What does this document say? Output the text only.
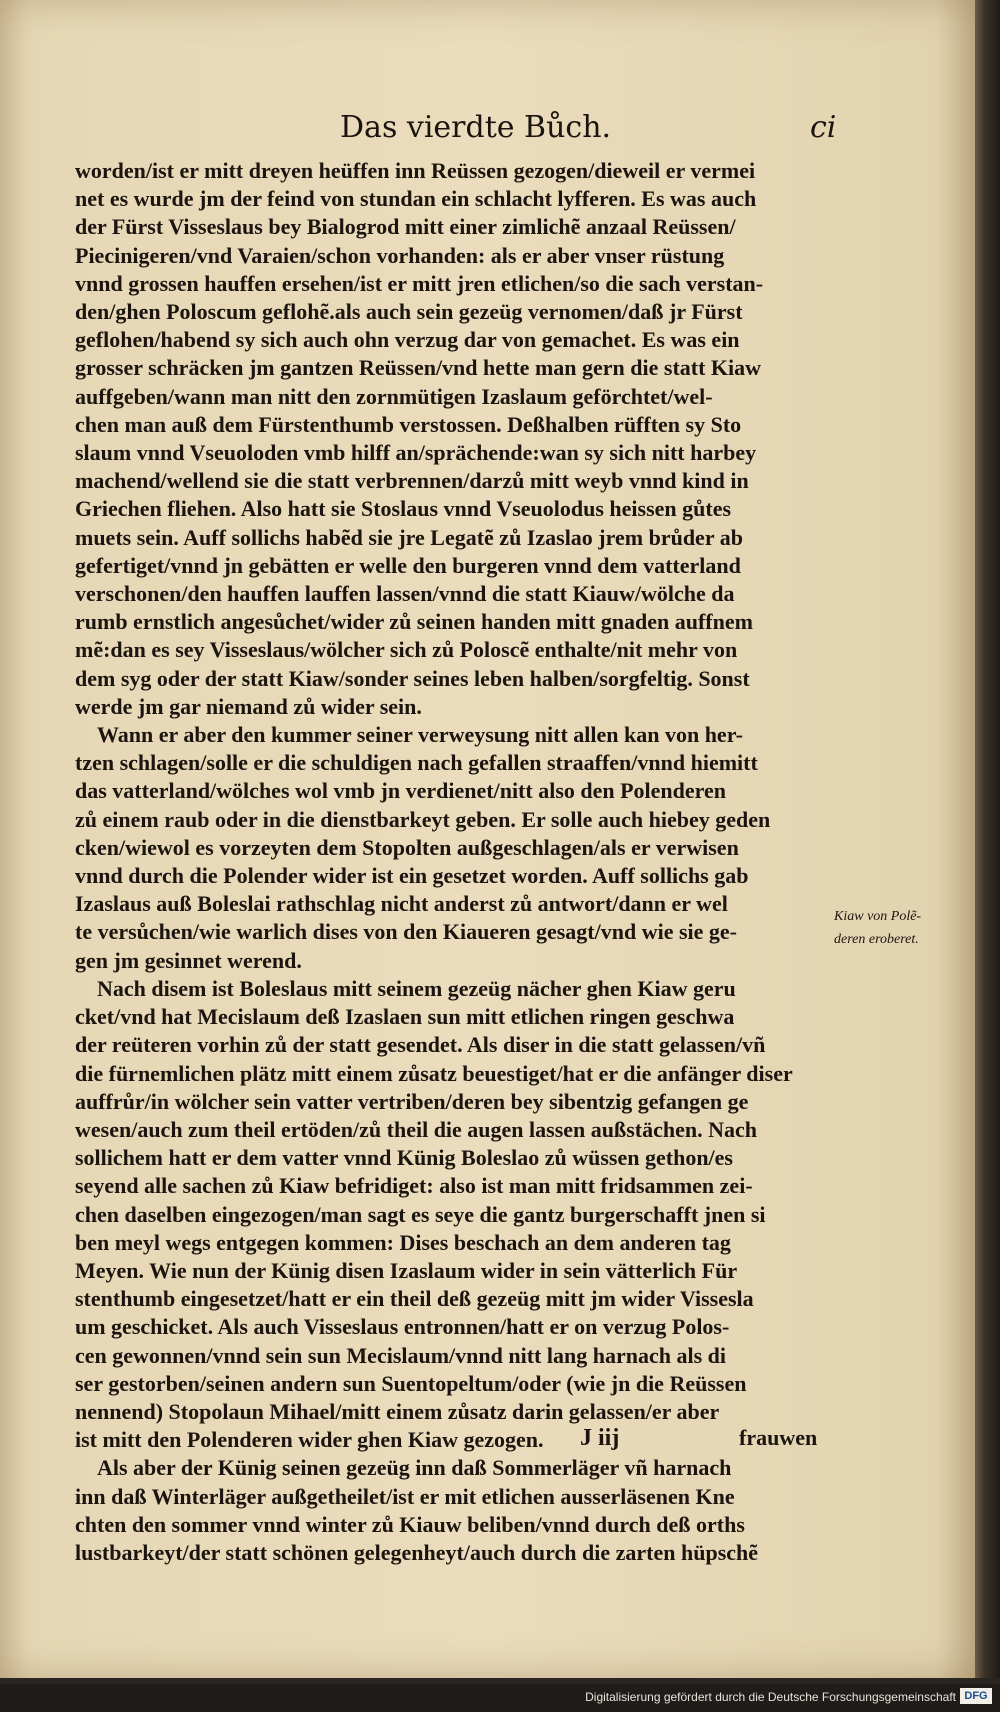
Das vierdte Bůch.	ci
worden/ist er mitt dreyen heüffen inn Reüssen gezogen/dieweil er vermei
net es wurde jm der feind von stundan ein schlacht lyfferen. Es was auch
der Fürst Visseslaus bey Bialogrod mitt einer zimlichẽ anzaal Reüssen/
Piecinigeren/vnd Varaien/schon vorhanden: als er aber vnser rüstung
vnnd grossen hauffen ersehen/ist er mitt jren etlichen/so die sach verstan-
den/ghen Poloscum geflohẽ.als auch sein gezeüg vernomen/daß jr Fürst
geflohen/habend sy sich auch ohn verzug dar von gemachet. Es was ein
grosser schräcken jm gantzen Reüssen/vnd hette man gern die statt Kiaw
auffgeben/wann man nitt den zornmütigen Izaslaum geförchtet/wel-
chen man auß dem Fürstenthumb verstossen. Deßhalben rüfften sy Sto
slaum vnnd Vseuoloden vmb hilff an/sprächende:wan sy sich nitt harbey
machend/wellend sie die statt verbrennen/darzů mitt weyb vnnd kind in
Griechen fliehen. Also hatt sie Stoslaus vnnd Vseuolodus heissen gůtes
muets sein. Auff sollichs habẽd sie jre Legatẽ zů Izaslao jrem brůder ab
gefertiget/vnnd jn gebätten er welle den burgeren vnnd dem vatterland
verschonen/den hauffen lauffen lassen/vnnd die statt Kiauw/wölche da
rumb ernstlich angesůchet/wider zů seinen handen mitt gnaden auffnem
mẽ:dan es sey Visseslaus/wölcher sich zů Poloscẽ enthalte/nit mehr von
dem syg oder der statt Kiaw/sonder seines leben halben/sorgfeltig. Sonst
werde jm gar niemand zů wider sein.
Wann er aber den kummer seiner verweysung nitt allen kan von her-
tzen schlagen/solle er die schuldigen nach gefallen straaffen/vnnd hiemitt
das vatterland/wölches wol vmb jn verdienet/nitt also den Polenderen
zů einem raub oder in die dienstbarkeyt geben. Er solle auch hiebey geden
cken/wiewol es vorzeyten dem Stopolten außgeschlagen/als er verwisen
vnnd durch die Polender wider ist ein gesetzet worden. Auff sollichs gab
Izaslaus auß Boleslai rathschlag nicht anderst zů antwort/dann er wel
te versůchen/wie warlich dises von den Kiaueren gesagt/vnd wie sie ge-
gen jm gesinnet werend.
Nach disem ist Boleslaus mitt seinem gezeüg nächer ghen Kiaw geru
cket/vnd hat Mecislaum deß Izaslaen sun mitt etlichen ringen geschwa
der reüteren vorhin zů der statt gesendet. Als diser in die statt gelassen/vñ
die fürnemlichen plätz mitt einem zůsatz beuestiget/hat er die anfänger diser
auffrůr/in wölcher sein vatter vertriben/deren bey sibentzig gefangen ge
wesen/auch zum theil ertöden/zů theil die augen lassen außstächen. Nach
sollichem hatt er dem vatter vnnd Künig Boleslao zů wüssen gethon/es
seyend alle sachen zů Kiaw befridiget: also ist man mitt fridsammen zei-
chen daselben eingezogen/man sagt es seye die gantz burgerschafft jnen si
ben meyl wegs entgegen kommen: Dises beschach an dem anderen tag
Meyen. Wie nun der Künig disen Izaslaum wider in sein vätterlich Für
stenthumb eingesetzet/hatt er ein theil deß gezeüg mitt jm wider Vissesla
um geschicket. Als auch Visseslaus entronnen/hatt er on verzug Polos-
cen gewonnen/vnnd sein sun Mecislaum/vnnd nitt lang harnach als di
ser gestorben/seinen andern sun Suentopeltum/oder (wie jn die Reüssen
nennend) Stopolaun Mihael/mitt einem zůsatz darin gelassen/er aber
ist mitt den Polenderen wider ghen Kiaw gezogen.
Als aber der Künig seinen gezeüg inn daß Sommerläger vñ harnach
inn daß Winterläger außgetheilet/ist er mit etlichen ausserläsenen Kne
chten den sommer vnnd winter zů Kiauw beliben/vnnd durch deß orths
lustbarkeyt/der statt schönen gelegenheyt/auch durch die zarten hüpschẽ
Kiaw von Polẽ-
deren eroberet.
J iij	frauwen
Digitalisierung gefördert durch die Deutsche Forschungsgemeinschaft DFG
